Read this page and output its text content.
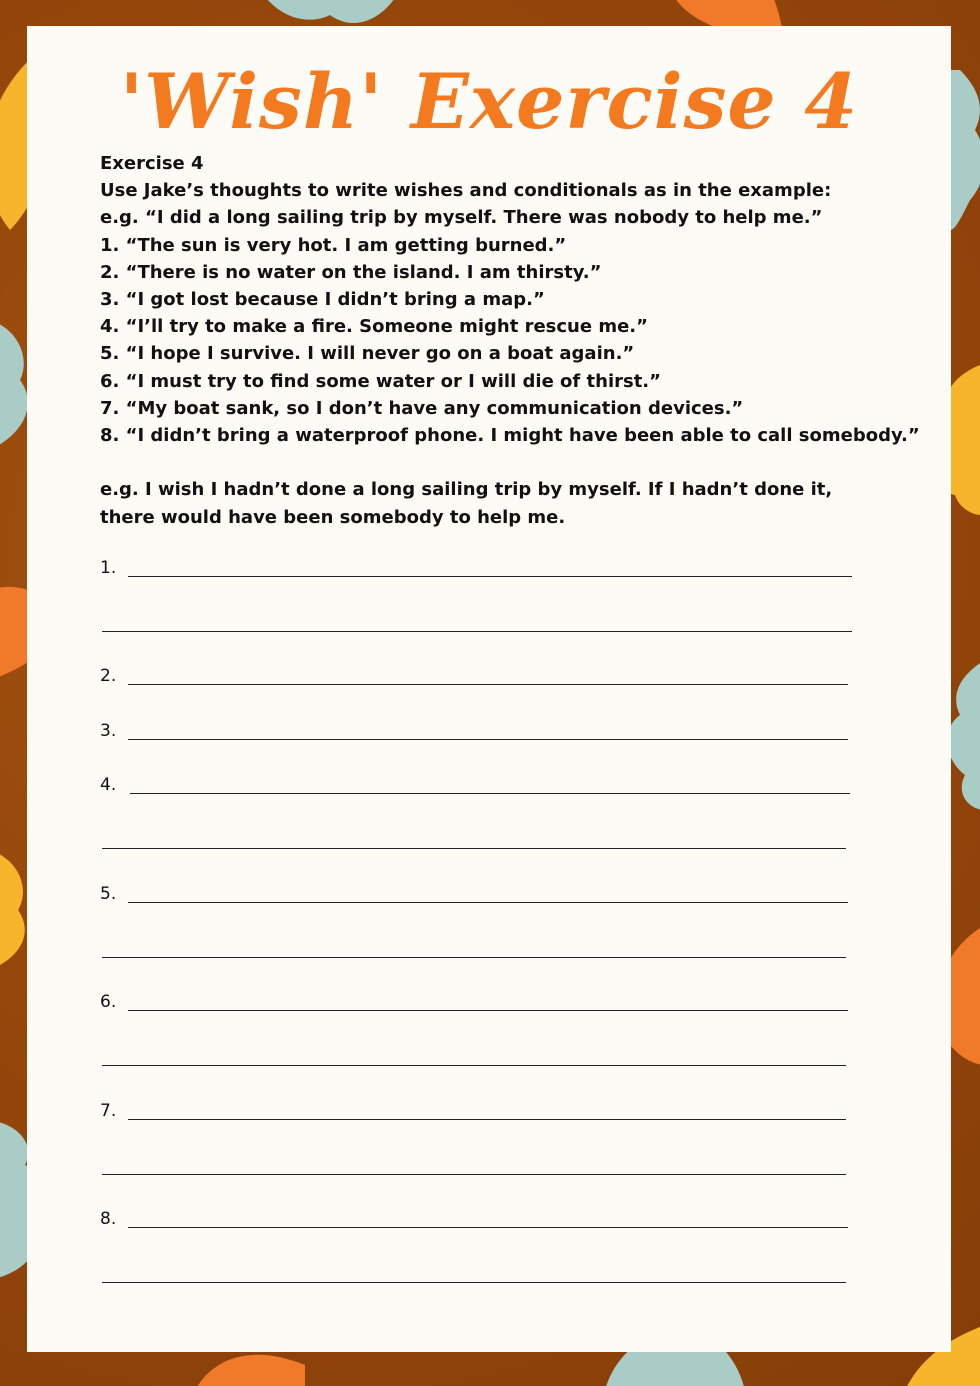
'Wish' Exercise 4
Exercise 4
Use Jake’s thoughts to write wishes and conditionals as in the example:
e.g. “I did a long sailing trip by myself. There was nobody to help me.”
1. “The sun is very hot. I am getting burned.”
2. “There is no water on the island. I am thirsty.”
3. “I got lost because I didn’t bring a map.”
4. “I’ll try to make a fire. Someone might rescue me.”
5. “I hope I survive. I will never go on a boat again.”
6. “I must try to find some water or I will die of thirst.”
7. “My boat sank, so I don’t have any communication devices.”
8. “I didn’t bring a waterproof phone. I might have been able to call somebody.”
e.g. I wish I hadn’t done a long sailing trip by myself. If I hadn’t done it, there would have been somebody to help me.
1.
2.
3.
4.
5.
6.
7.
8.
